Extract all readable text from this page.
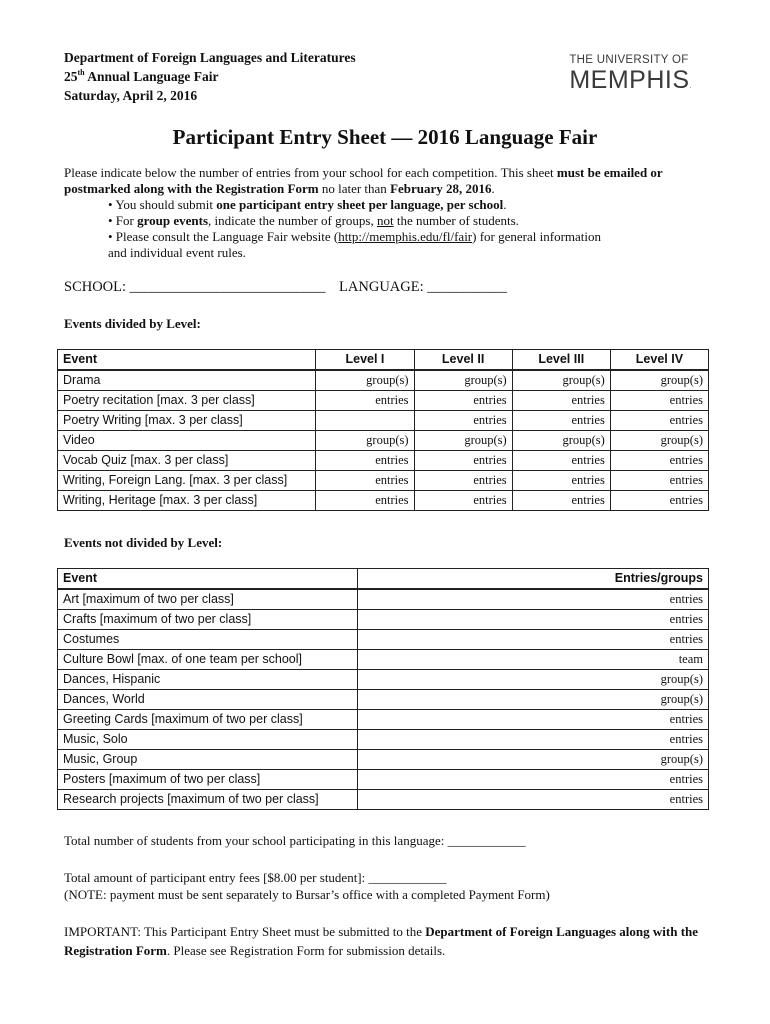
Department of Foreign Languages and Literatures
25th Annual Language Fair
Saturday, April 2, 2016
THE UNIVERSITY OF
MEMPHIS.
Participant Entry Sheet — 2016 Language Fair

Please indicate below the number of entries from your school for each competition. This sheet must be emailed or postmarked along with the Registration Form no later than February 28, 2016.

• You should submit one participant entry sheet per language, per school.

• For group events, indicate the number of groups, not the number of students.

• Please consult the Language Fair website (http://memphis.edu/fl/fair) for general information

and individual event rules.

SCHOOL: ___________________________ LANGUAGE: ___________
Events divided by Level:
Event	Level I	Level II	Level III	Level IV
Drama	group(s)	group(s)	group(s)	group(s)
Poetry recitation [max. 3 per class]	entries	entries	entries	entries
Poetry Writing [max. 3 per class]		entries	entries	entries
Video	group(s)	group(s)	group(s)	group(s)
Vocab Quiz [max. 3 per class]	entries	entries	entries	entries
Writing, Foreign Lang. [max. 3 per class]	entries	entries	entries	entries
Writing, Heritage [max. 3 per class]	entries	entries	entries	entries
Events not divided by Level:
Event	Entries/groups
Art [maximum of two per class]	entries
Crafts [maximum of two per class]	entries
Costumes	entries
Culture Bowl [max. of one team per school]	team
Dances, Hispanic	group(s)
Dances, World	group(s)
Greeting Cards [maximum of two per class]	entries
Music, Solo	entries
Music, Group	group(s)
Posters [maximum of two per class]	entries
Research projects [maximum of two per class]	entries
Total number of students from your school participating in this language: ____________

Total amount of participant entry fees [$8.00 per student]: ____________

(NOTE: payment must be sent separately to Bursar’s office with a completed Payment Form)

IMPORTANT: This Participant Entry Sheet must be submitted to the Department of Foreign Languages along with the Registration Form. Please see Registration Form for submission details.
